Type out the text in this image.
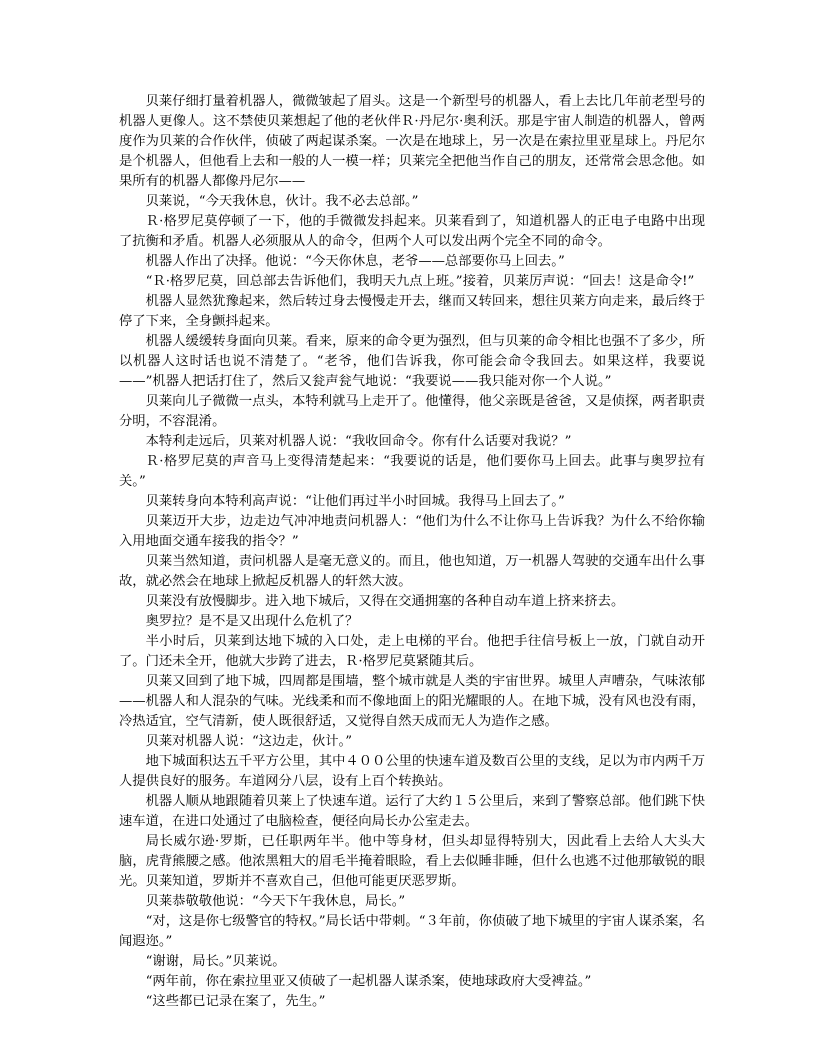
贝莱仔细打量着机器人，微微皱起了眉头。这是一个新型号的机器人，看上去比几年前老型号的机器人更像人。这不禁使贝莱想起了他的老伙伴Ｒ·丹尼尔·奥利沃。那是宇宙人制造的机器人，曾两度作为贝莱的合作伙伴，侦破了两起谋杀案。一次是在地球上，另一次是在索拉里亚星球上。丹尼尔是个机器人，但他看上去和一般的人一模一样；贝莱完全把他当作自己的朋友，还常常会思念他。如果所有的机器人都像丹尼尔——

贝莱说，“今天我休息，伙计。我不必去总部。”

Ｒ·格罗尼莫停顿了一下，他的手微微发抖起来。贝莱看到了，知道机器人的正电子电路中出现了抗衡和矛盾。机器人必须服从人的命令，但两个人可以发出两个完全不同的命令。

机器人作出了决择。他说：“今天你休息，老爷——总部要你马上回去。”

“Ｒ·格罗尼莫，回总部去告诉他们，我明天九点上班。”接着，贝莱厉声说：“回去！这是命令!”

机器人显然犹豫起来，然后转过身去慢慢走开去，继而又转回来，想往贝莱方向走来，最后终于停了下来，全身颤抖起来。

机器人缓缓转身面向贝莱。看来，原来的命令更为强烈，但与贝莱的命令相比也强不了多少，所以机器人这时话也说不清楚了。“老爷，他们告诉我，你可能会命令我回去。如果这样，我要说——”机器人把话打住了，然后又瓮声瓮气地说：“我要说——我只能对你一个人说。”

贝莱向儿子微微一点头，本特利就马上走开了。他懂得，他父亲既是爸爸，又是侦探，两者职责分明，不容混淆。

本特利走远后，贝莱对机器人说：“我收回命令。你有什么话要对我说？”

Ｒ·格罗尼莫的声音马上变得清楚起来：“我要说的话是，他们要你马上回去。此事与奥罗拉有关。”

贝莱转身向本特利高声说：“让他们再过半小时回城。我得马上回去了。”

贝莱迈开大步，边走边气冲冲地责问机器人：“他们为什么不让你马上告诉我？为什么不给你输入用地面交通车接我的指令？”

贝莱当然知道，责问机器人是毫无意义的。而且，他也知道，万一机器人驾驶的交通车出什么事故，就必然会在地球上掀起反机器人的轩然大波。

贝莱没有放慢脚步。进入地下城后，又得在交通拥塞的各种自动车道上挤来挤去。

奥罗拉？是不是又出现什么危机了？

半小时后，贝莱到达地下城的入口处，走上电梯的平台。他把手往信号板上一放，门就自动开了。门还未全开，他就大步跨了进去，Ｒ·格罗尼莫紧随其后。

贝莱又回到了地下城，四周都是围墙，整个城市就是人类的宇宙世界。城里人声嘈杂，气味浓郁——机器人和人混杂的气味。光线柔和而不像地面上的阳光耀眼的人。在地下城，没有风也没有雨，冷热适宜，空气清新，使人既很舒适，又觉得自然天成而无人为造作之感。

贝莱对机器人说：“这边走，伙计。”

地下城面积达五千平方公里，其中４００公里的快速车道及数百公里的支线，足以为市内两千万人提供良好的服务。车道网分八层，设有上百个转换站。

机器人顺从地跟随着贝莱上了快速车道。运行了大约１５公里后，来到了警察总部。他们跳下快速车道，在进口处通过了电脑检查，便径向局长办公室走去。

局长威尔逊·罗斯，已任职两年半。他中等身材，但头却显得特别大，因此看上去给人大头大脑，虎背熊腰之感。他浓黑粗大的眉毛半掩着眼睑，看上去似睡非睡，但什么也逃不过他那敏锐的眼光。贝莱知道，罗斯并不喜欢自己，但他可能更厌恶罗斯。

贝莱恭敬敬他说：“今天下午我休息，局长。”

“对，这是你七级警官的特权。”局长话中带刺。“３年前，你侦破了地下城里的宇宙人谋杀案，名闻遐迩。”

“谢谢，局长。”贝莱说。

“两年前，你在索拉里亚又侦破了一起机器人谋杀案，使地球政府大受裨益。”

“这些都已记录在案了，先生。”
